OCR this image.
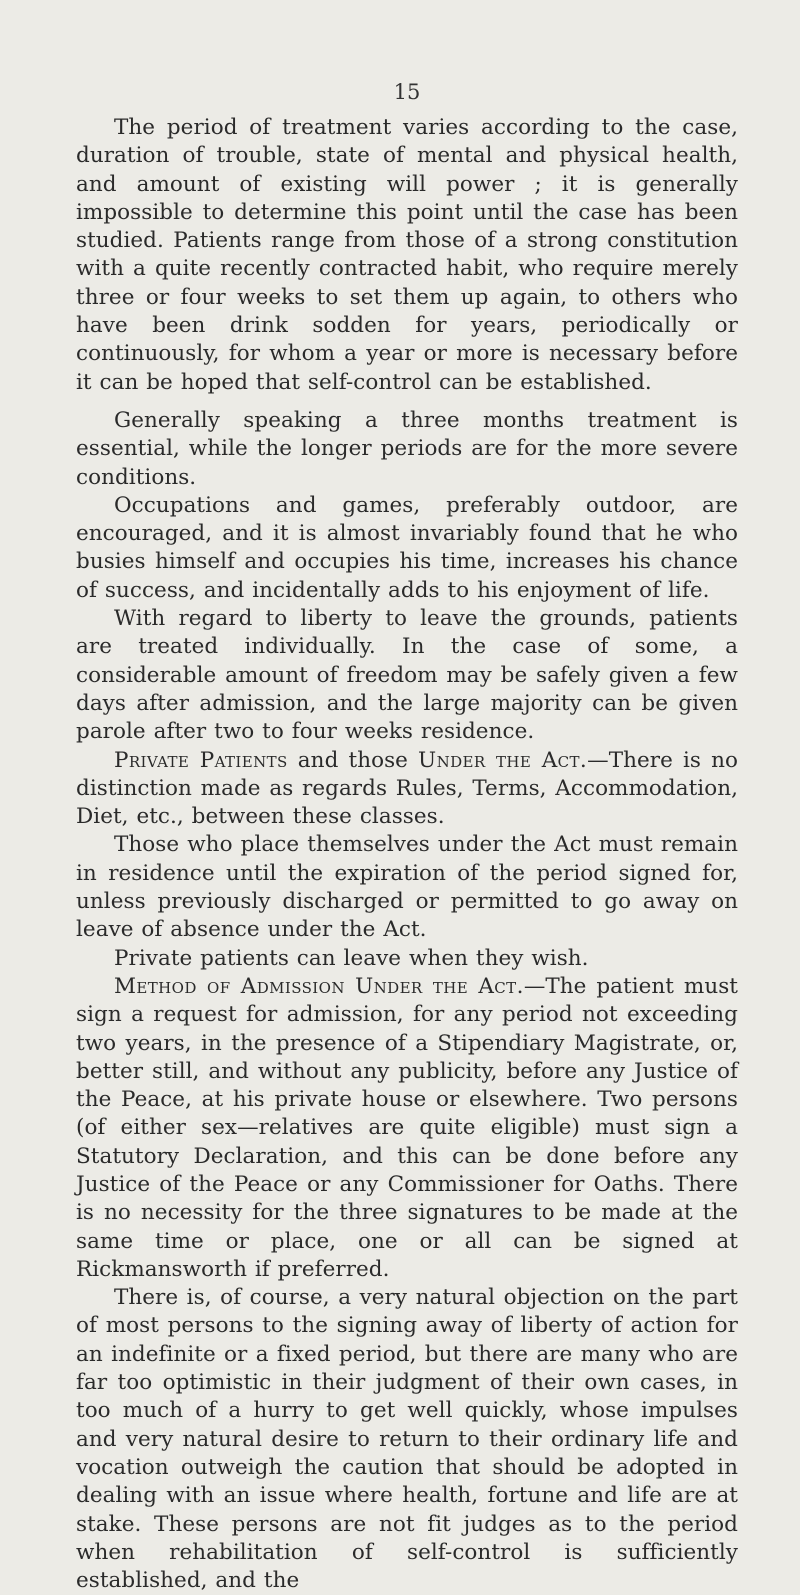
15

The period of treatment varies according to the case, duration of trouble, state of mental and physical health, and amount of existing will power ; it is generally impossible to determine this point until the case has been studied. Patients range from those of a strong constitution with a quite recently contracted habit, who require merely three or four weeks to set them up again, to others who have been drink sodden for years, periodically or continuously, for whom a year or more is necessary before it can be hoped that self-control can be established.

Generally speaking a three months treatment is essential, while the longer periods are for the more severe conditions.

Occupations and games, preferably outdoor, are encouraged, and it is almost invariably found that he who busies himself and occupies his time, increases his chance of success, and incidentally adds to his enjoyment of life.

With regard to liberty to leave the grounds, patients are treated individually. In the case of some, a considerable amount of freedom may be safely given a few days after admission, and the large majority can be given parole after two to four weeks residence.

Private Patients and those Under the Act.—There is no distinction made as regards Rules, Terms, Accommodation, Diet, etc., between these classes.

Those who place themselves under the Act must remain in residence until the expiration of the period signed for, unless previously discharged or permitted to go away on leave of absence under the Act.

Private patients can leave when they wish.

Method of Admission Under the Act.—The patient must sign a request for admission, for any period not exceeding two years, in the presence of a Stipendiary Magistrate, or, better still, and without any publicity, before any Justice of the Peace, at his private house or elsewhere. Two persons (of either sex—relatives are quite eligible) must sign a Statutory Declaration, and this can be done before any Justice of the Peace or any Commissioner for Oaths. There is no necessity for the three signatures to be made at the same time or place, one or all can be signed at Rickmansworth if preferred.

There is, of course, a very natural objection on the part of most persons to the signing away of liberty of action for an indefinite or a fixed period, but there are many who are far too optimistic in their judgment of their own cases, in too much of a hurry to get well quickly, whose impulses and very natural desire to return to their ordinary life and vocation outweigh the caution that should be adopted in dealing with an issue where health, fortune and life are at stake. These persons are not fit judges as to the period when rehabilitation of self-control is sufficiently established, and the
